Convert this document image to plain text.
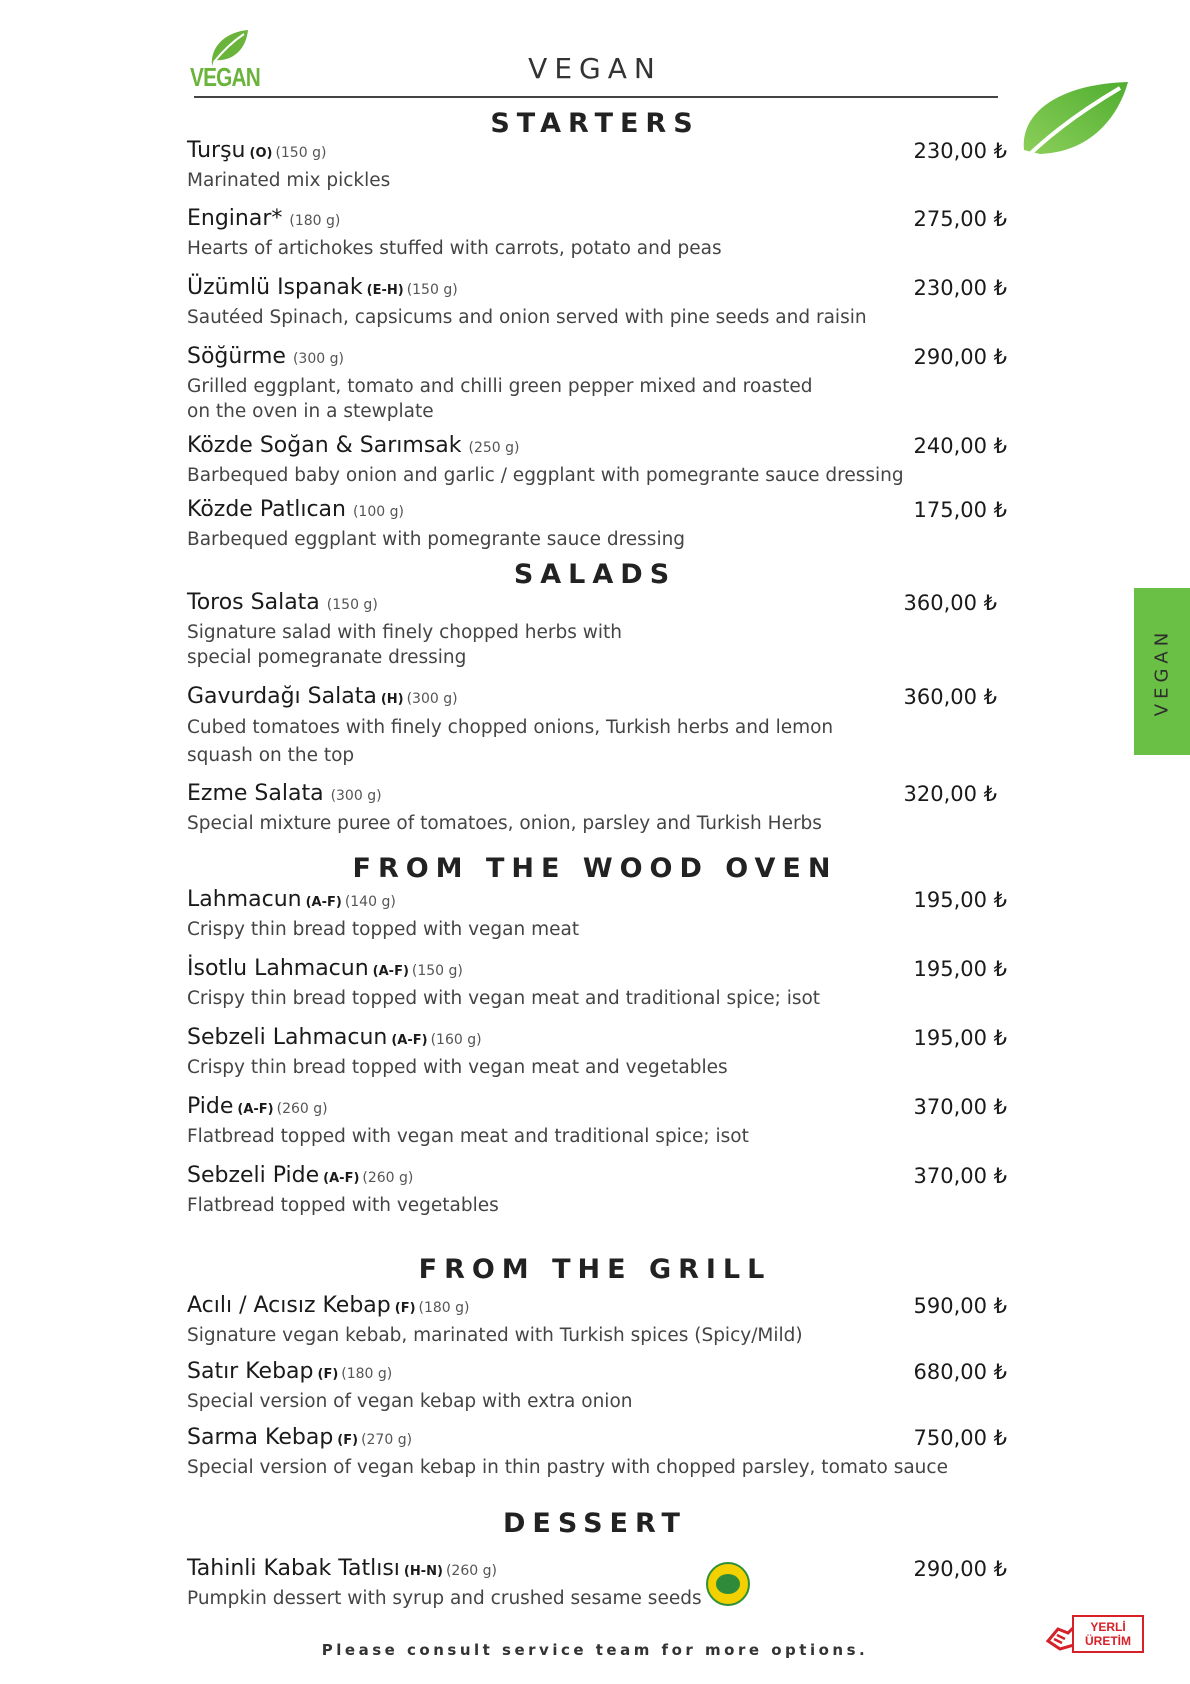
VEGAN	VEGAN
VEGAN
STARTERS
Turşu (O) (150 g)
Marinated mix pickles
230,00 ₺
Enginar* (180 g)
Hearts of artichokes stuffed with carrots, potato and peas
275,00 ₺
Üzümlü Ispanak (E-H) (150 g)
Sautéed Spinach, capsicums and onion served with pine seeds and raisin
230,00 ₺
Söğürme (300 g)
Grilled eggplant, tomato and chilli green pepper mixed and roasted on the oven in a stewplate
290,00 ₺
Közde Soğan & Sarımsak (250 g)
Barbequed baby onion and garlic / eggplant with pomegrante sauce dressing
240,00 ₺
Közde Patlıcan (100 g)
Barbequed eggplant with pomegrante sauce dressing
175,00 ₺
SALADS
Toros Salata (150 g)
Signature salad with finely chopped herbs with special pomegranate dressing
360,00 ₺
Gavurdağı Salata (H) (300 g)
Cubed tomatoes with finely chopped onions, Turkish herbs and lemon squash on the top
360,00 ₺
Ezme Salata (300 g)
Special mixture puree of tomatoes, onion, parsley and Turkish Herbs
320,00 ₺
FROM THE WOOD OVEN
Lahmacun (A-F) (140 g)
Crispy thin bread topped with vegan meat
195,00 ₺
İsotlu Lahmacun (A-F) (150 g)
Crispy thin bread topped with vegan meat and traditional spice; isot
195,00 ₺
Sebzeli Lahmacun (A-F) (160 g)
Crispy thin bread topped with vegan meat and vegetables
195,00 ₺
Pide (A-F) (260 g)
Flatbread topped with vegan meat and traditional spice; isot
370,00 ₺
Sebzeli Pide (A-F) (260 g)
Flatbread topped with vegetables
370,00 ₺
FROM THE GRILL
Acılı / Acısız Kebap (F) (180 g)
Signature vegan kebab, marinated with Turkish spices (Spicy/Mild)
590,00 ₺
Satır Kebap (F) (180 g)
Special version of vegan kebap with extra onion
680,00 ₺
Sarma Kebap (F) (270 g)
Special version of vegan kebap in thin pastry with chopped parsley, tomato sauce
750,00 ₺
DESSERT
Tahinli Kabak Tatlısı (H-N) (260 g)
Pumpkin dessert with syrup and crushed sesame seeds
290,00 ₺
Please consult service team for more options.
YERLİ ÜRETİM
